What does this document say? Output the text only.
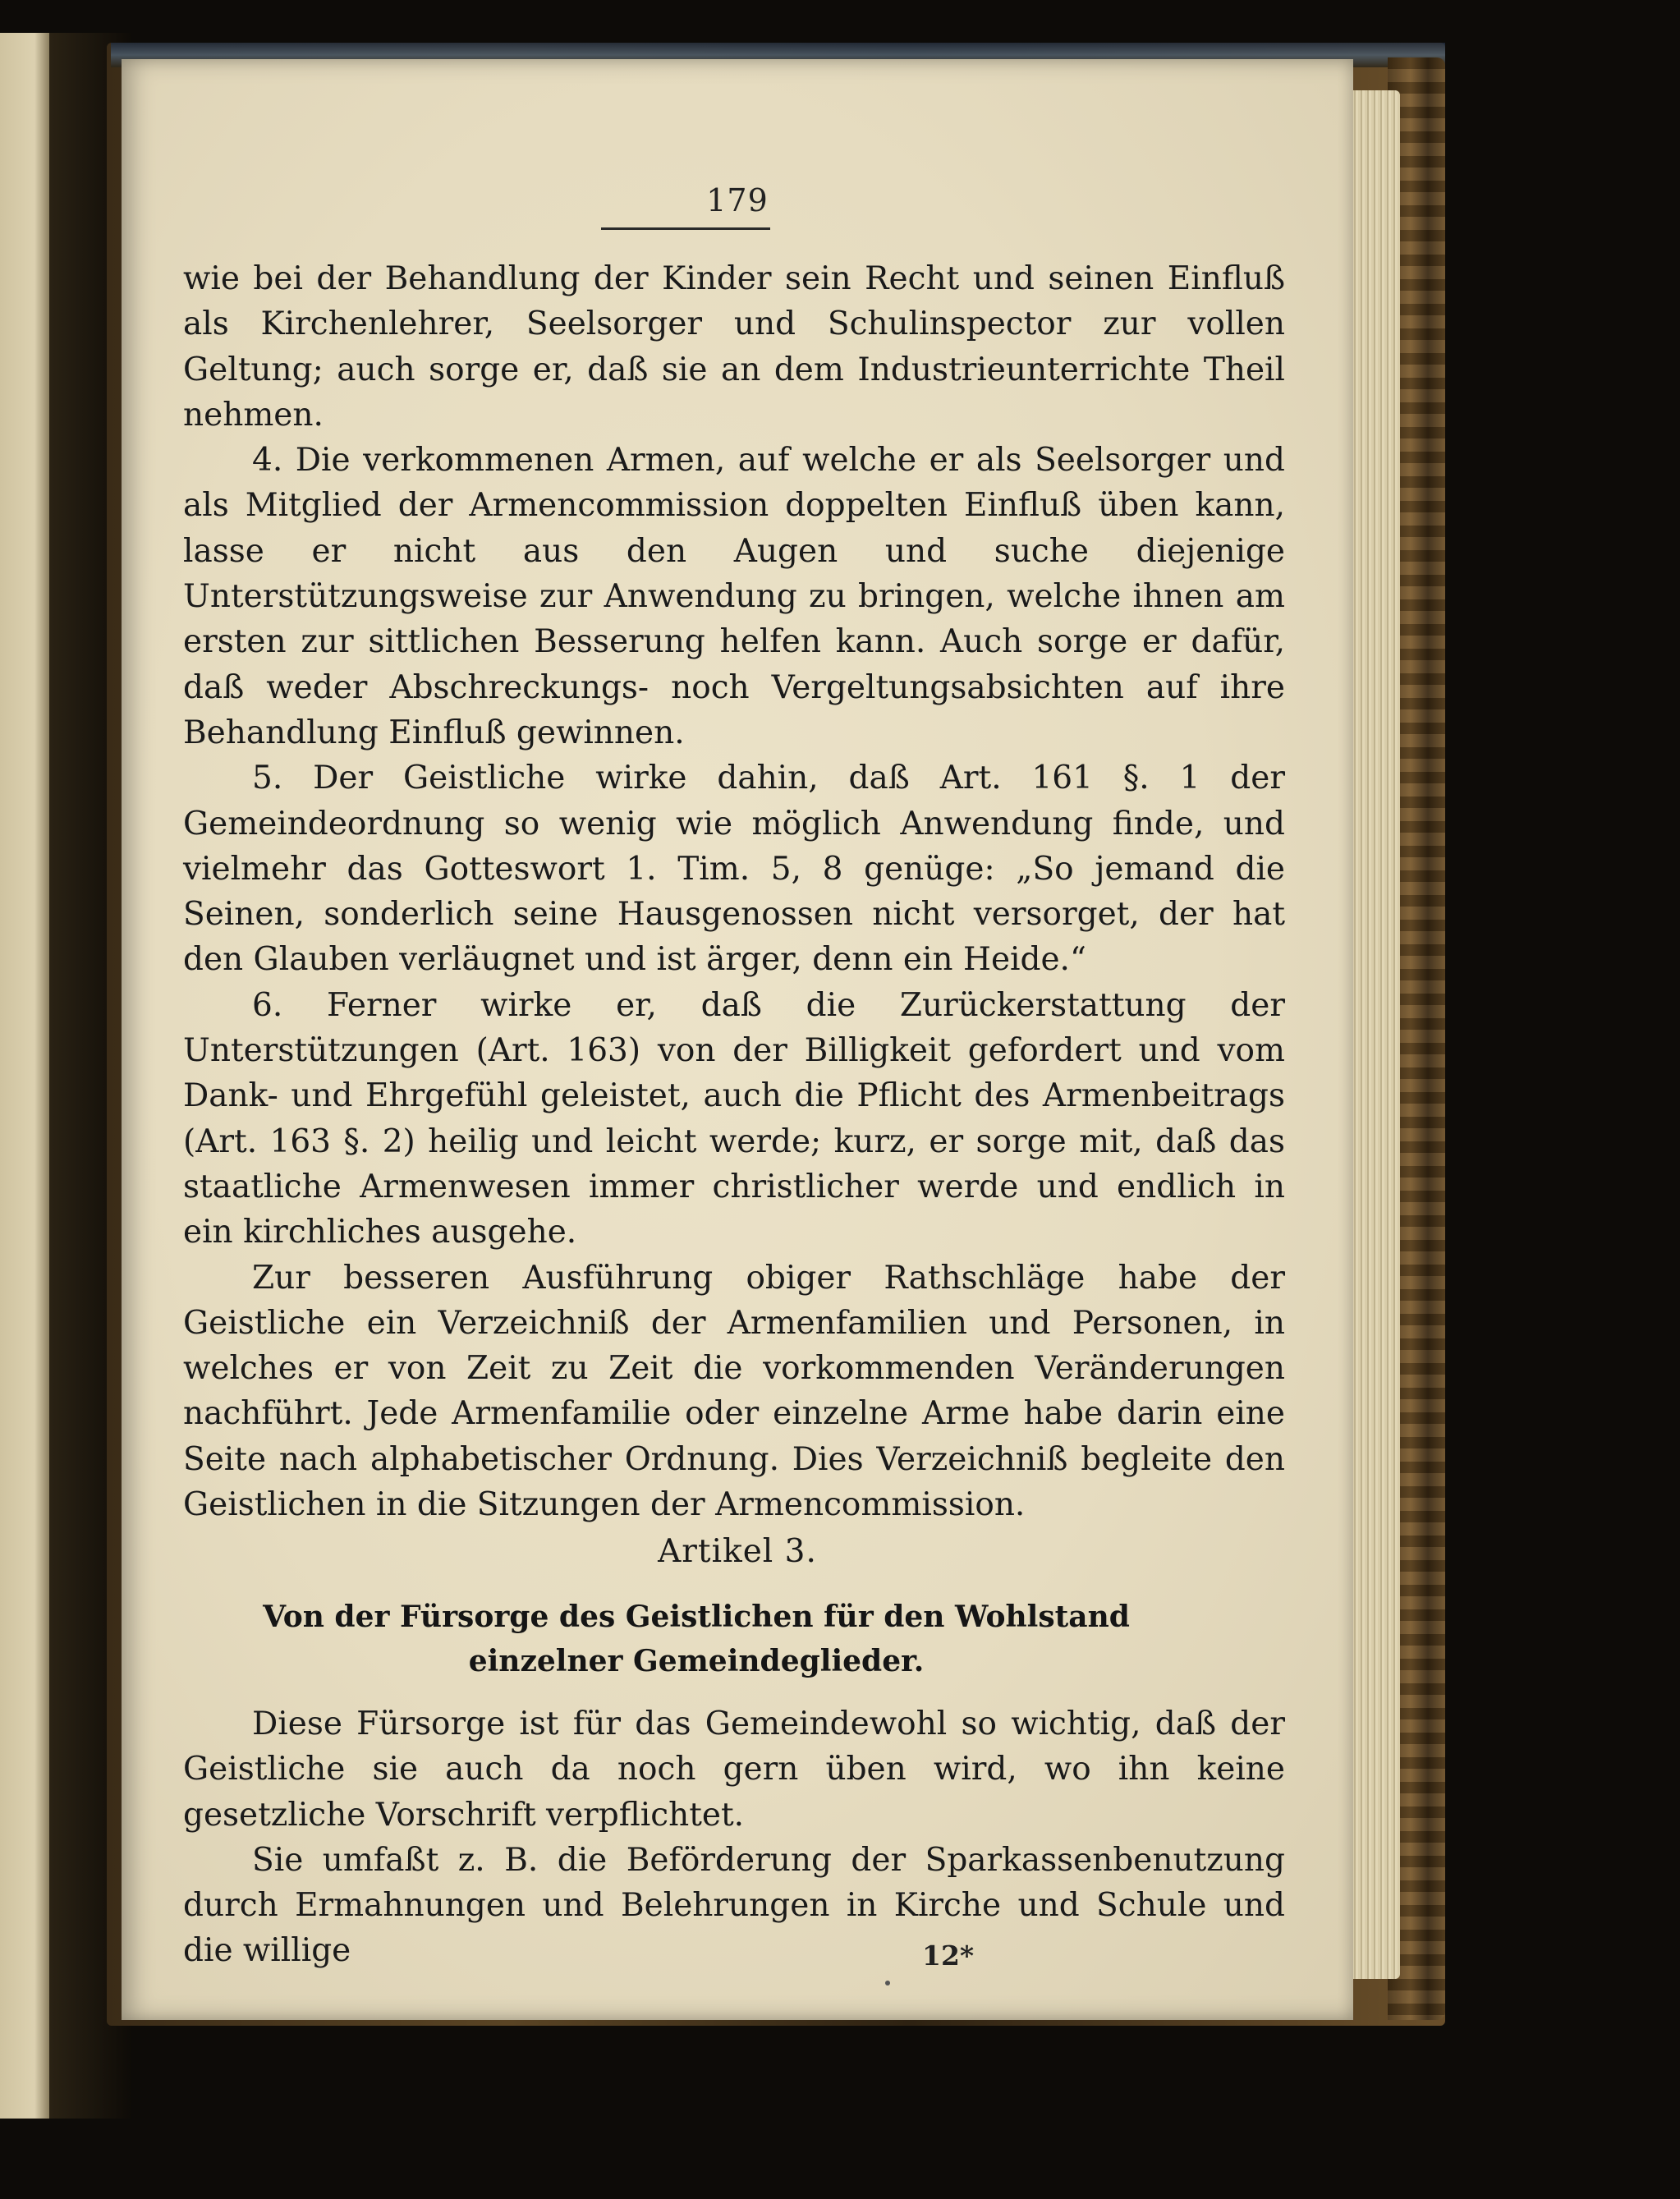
179

wie bei der Behandlung der Kinder sein Recht und seinen Einfluß als Kirchenlehrer, Seelsorger und Schulinspector zur vollen Geltung; auch sorge er, daß sie an dem Industrieunterrichte Theil nehmen.

4. Die verkommenen Armen, auf welche er als Seelsorger und als Mitglied der Armencommission doppelten Einfluß üben kann, lasse er nicht aus den Augen und suche diejenige Unterstützungsweise zur Anwendung zu bringen, welche ihnen am ersten zur sittlichen Besserung helfen kann. Auch sorge er dafür, daß weder Abschreckungs- noch Vergeltungsabsichten auf ihre Behandlung Einfluß gewinnen.

5. Der Geistliche wirke dahin, daß Art. 161 §. 1 der Gemeindeordnung so wenig wie möglich Anwendung finde, und vielmehr das Gotteswort 1. Tim. 5, 8 genüge: „So jemand die Seinen, sonderlich seine Hausgenossen nicht versorget, der hat den Glauben verläugnet und ist ärger, denn ein Heide.“

6. Ferner wirke er, daß die Zurückerstattung der Unterstützungen (Art. 163) von der Billigkeit gefordert und vom Dank- und Ehrgefühl geleistet, auch die Pflicht des Armenbeitrags (Art. 163 §. 2) heilig und leicht werde; kurz, er sorge mit, daß das staatliche Armenwesen immer christlicher werde und endlich in ein kirchliches ausgehe.

Zur besseren Ausführung obiger Rathschläge habe der Geistliche ein Verzeichniß der Armenfamilien und Personen, in welches er von Zeit zu Zeit die vorkommenden Veränderungen nachführt. Jede Armenfamilie oder einzelne Arme habe darin eine Seite nach alphabetischer Ordnung. Dies Verzeichniß begleite den Geistlichen in die Sitzungen der Armencommission.

Artikel 3.
Von der Fürsorge des Geistlichen für den Wohlstand einzelner Gemeindeglieder.

Diese Fürsorge ist für das Gemeindewohl so wichtig, daß der Geistliche sie auch da noch gern üben wird, wo ihn keine gesetzliche Vorschrift verpflichtet.

Sie umfaßt z. B. die Beförderung der Sparkassenbenutzung durch Ermahnungen und Belehrungen in Kirche und Schule und die willige	12*
